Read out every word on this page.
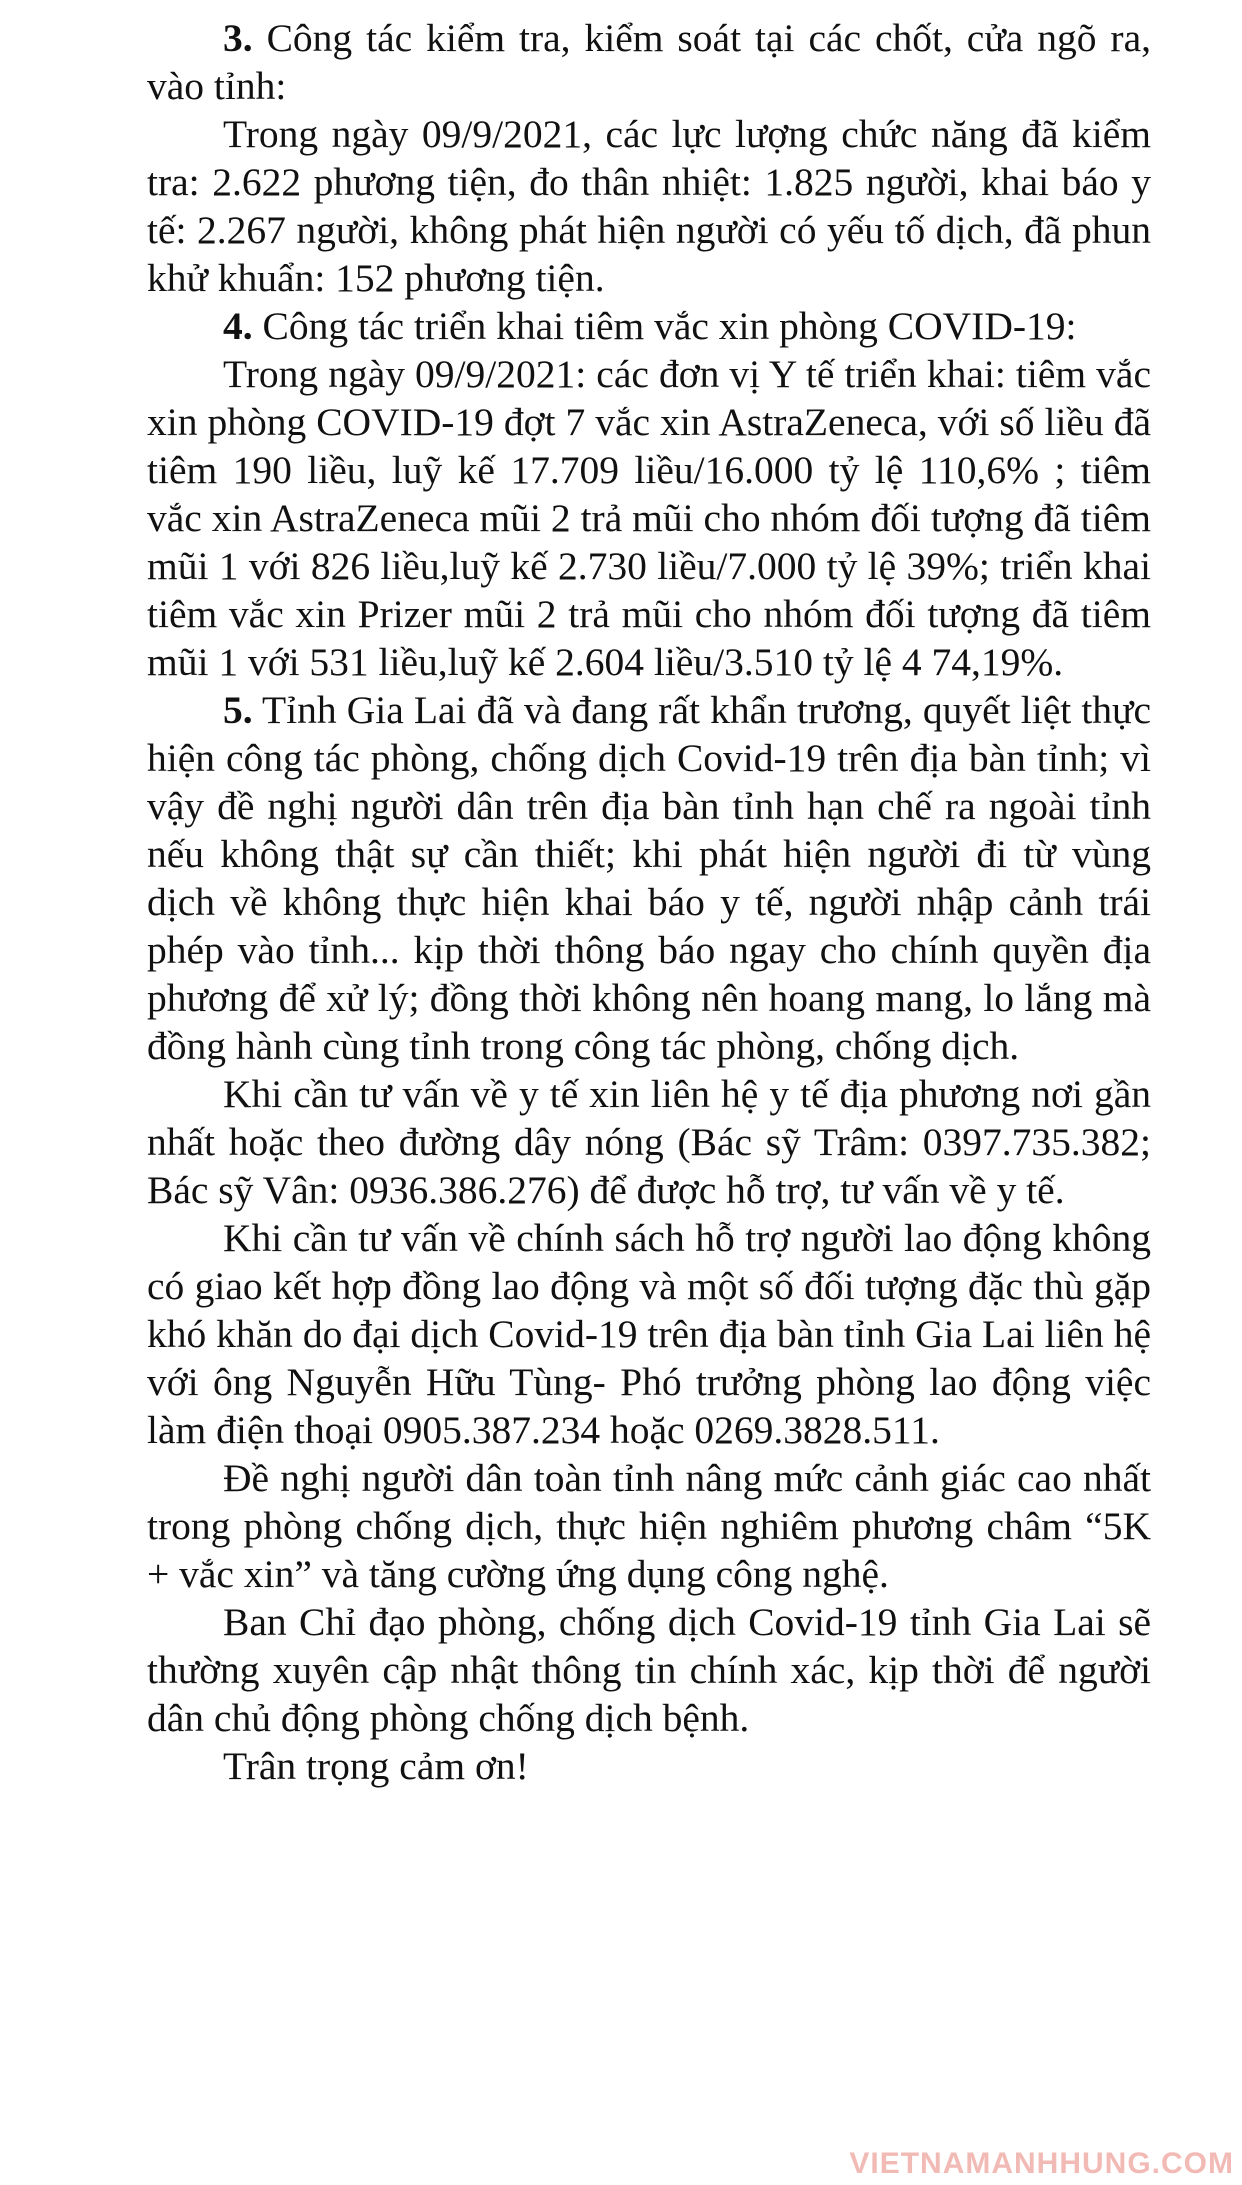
3. Công tác kiểm tra, kiểm soát tại các chốt, cửa ngõ ra, vào tỉnh:

Trong ngày 09/9/2021, các lực lượng chức năng đã kiểm tra: 2.622 phương tiện, đo thân nhiệt: 1.825 người, khai báo y tế: 2.267 người, không phát hiện người có yếu tố dịch, đã phun khử khuẩn: 152 phương tiện.

4. Công tác triển khai tiêm vắc xin phòng COVID-19:

Trong ngày 09/9/2021: các đơn vị Y tế triển khai: tiêm vắc xin phòng COVID-19 đợt 7 vắc xin AstraZeneca, với số liều đã tiêm 190 liều, luỹ kế 17.709 liều/16.000 tỷ lệ 110,6% ; tiêm vắc xin AstraZeneca mũi 2 trả mũi cho nhóm đối tượng đã tiêm mũi 1 với 826 liều,luỹ kế 2.730 liều/7.000 tỷ lệ 39%; triển khai tiêm vắc xin Prizer mũi 2 trả mũi cho nhóm đối tượng đã tiêm mũi 1 với 531 liều,luỹ kế 2.604 liều/3.510 tỷ lệ 4 74,19%.

5. Tỉnh Gia Lai đã và đang rất khẩn trương, quyết liệt thực hiện công tác phòng, chống dịch Covid-19 trên địa bàn tỉnh; vì vậy đề nghị người dân trên địa bàn tỉnh hạn chế ra ngoài tỉnh nếu không thật sự cần thiết; khi phát hiện người đi từ vùng dịch về không thực hiện khai báo y tế, người nhập cảnh trái phép vào tỉnh... kịp thời thông báo ngay cho chính quyền địa phương để xử lý; đồng thời không nên hoang mang, lo lắng mà đồng hành cùng tỉnh trong công tác phòng, chống dịch.

Khi cần tư vấn về y tế xin liên hệ y tế địa phương nơi gần nhất hoặc theo đường dây nóng (Bác sỹ Trâm: 0397.735.382; Bác sỹ Vân: 0936.386.276) để được hỗ trợ, tư vấn về y tế.

Khi cần tư vấn về chính sách hỗ trợ người lao động không có giao kết hợp đồng lao động và một số đối tượng đặc thù gặp khó khăn do đại dịch Covid-19 trên địa bàn tỉnh Gia Lai liên hệ với ông Nguyễn Hữu Tùng- Phó trưởng phòng lao động việc làm điện thoại 0905.387.234 hoặc 0269.3828.511.

Đề nghị người dân toàn tỉnh nâng mức cảnh giác cao nhất trong phòng chống dịch, thực hiện nghiêm phương châm “5K + vắc xin” và tăng cường ứng dụng công nghệ.

Ban Chỉ đạo phòng, chống dịch Covid-19 tỉnh Gia Lai sẽ thường xuyên cập nhật thông tin chính xác, kịp thời để người dân chủ động phòng chống dịch bệnh.

Trân trọng cảm ơn!

VIETNAMANHHUNG.COM
